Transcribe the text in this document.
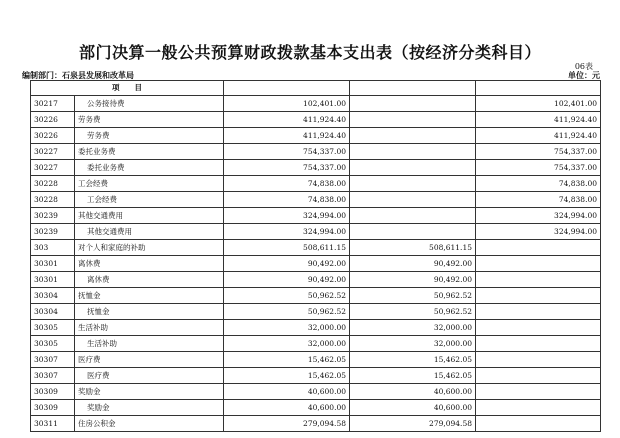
部门决算一般公共预算财政拨款基本支出表（按经济分类科目）
06表
编制部门：石泉县发展和改革局	单位：元
项　　目				
30217	公务接待费	102,401.00		102,401.00
30226	劳务费	411,924.40		411,924.40
30226	劳务费	411,924.40		411,924.40
30227	委托业务费	754,337.00		754,337.00
30227	委托业务费	754,337.00		754,337.00
30228	工会经费	74,838.00		74,838.00
30228	工会经费	74,838.00		74,838.00
30239	其他交通费用	324,994.00		324,994.00
30239	其他交通费用	324,994.00		324,994.00
303	对个人和家庭的补助	508,611.15	508,611.15	
30301	离休费	90,492.00	90,492.00	
30301	离休费	90,492.00	90,492.00	
30304	抚恤金	50,962.52	50,962.52	
30304	抚恤金	50,962.52	50,962.52	
30305	生活补助	32,000.00	32,000.00	
30305	生活补助	32,000.00	32,000.00	
30307	医疗费	15,462.05	15,462.05	
30307	医疗费	15,462.05	15,462.05	
30309	奖励金	40,600.00	40,600.00	
30309	奖励金	40,600.00	40,600.00	
30311	住房公积金	279,094.58	279,094.58	
